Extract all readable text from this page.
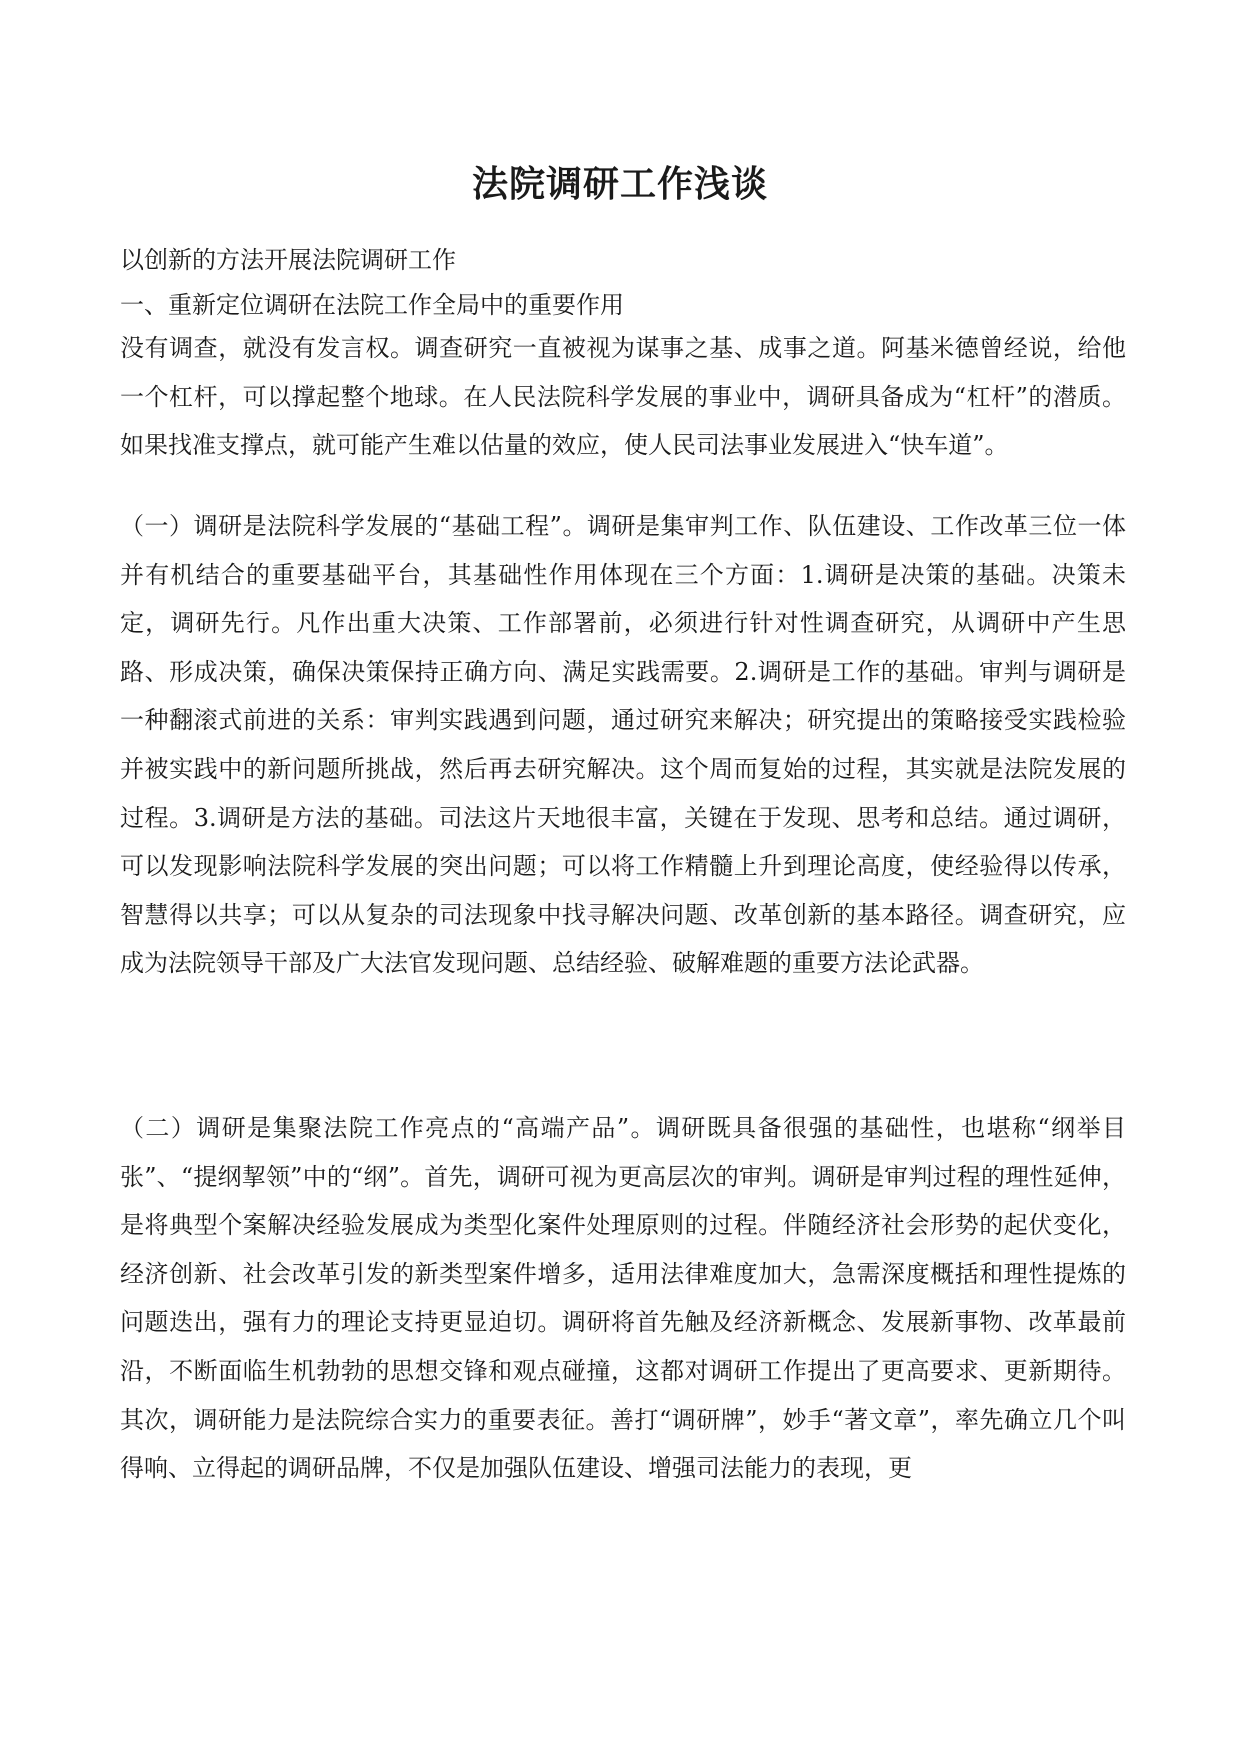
法院调研工作浅谈

以创新的方法开展法院调研工作

一、重新定位调研在法院工作全局中的重要作用

没有调查，就没有发言权。调查研究一直被视为谋事之基、成事之道。阿基米德曾经说，给他一个杠杆，可以撑起整个地球。在人民法院科学发展的事业中，调研具备成为“杠杆”的潜质。如果找准支撑点，就可能产生难以估量的效应，使人民司法事业发展进入“快车道”。

（一）调研是法院科学发展的“基础工程”。调研是集审判工作、队伍建设、工作改革三位一体并有机结合的重要基础平台，其基础性作用体现在三个方面：1.调研是决策的基础。决策未定，调研先行。凡作出重大决策、工作部署前，必须进行针对性调查研究，从调研中产生思路、形成决策，确保决策保持正确方向、满足实践需要。2.调研是工作的基础。审判与调研是一种翻滚式前进的关系：审判实践遇到问题，通过研究来解决；研究提出的策略接受实践检验并被实践中的新问题所挑战，然后再去研究解决。这个周而复始的过程，其实就是法院发展的过程。3.调研是方法的基础。司法这片天地很丰富，关键在于发现、思考和总结。通过调研，可以发现影响法院科学发展的突出问题；可以将工作精髓上升到理论高度，使经验得以传承，智慧得以共享；可以从复杂的司法现象中找寻解决问题、改革创新的基本路径。调查研究，应成为法院领导干部及广大法官发现问题、总结经验、破解难题的重要方法论武器。

（二）调研是集聚法院工作亮点的“高端产品”。调研既具备很强的基础性，也堪称“纲举目张”、“提纲挈领”中的“纲”。首先，调研可视为更高层次的审判。调研是审判过程的理性延伸，是将典型个案解决经验发展成为类型化案件处理原则的过程。伴随经济社会形势的起伏变化，经济创新、社会改革引发的新类型案件增多，适用法律难度加大，急需深度概括和理性提炼的问题迭出，强有力的理论支持更显迫切。调研将首先触及经济新概念、发展新事物、改革最前沿，不断面临生机勃勃的思想交锋和观点碰撞，这都对调研工作提出了更高要求、更新期待。其次，调研能力是法院综合实力的重要表征。善打“调研牌”，妙手“著文章”，率先确立几个叫得响、立得起的调研品牌，不仅是加强队伍建设、增强司法能力的表现，更
